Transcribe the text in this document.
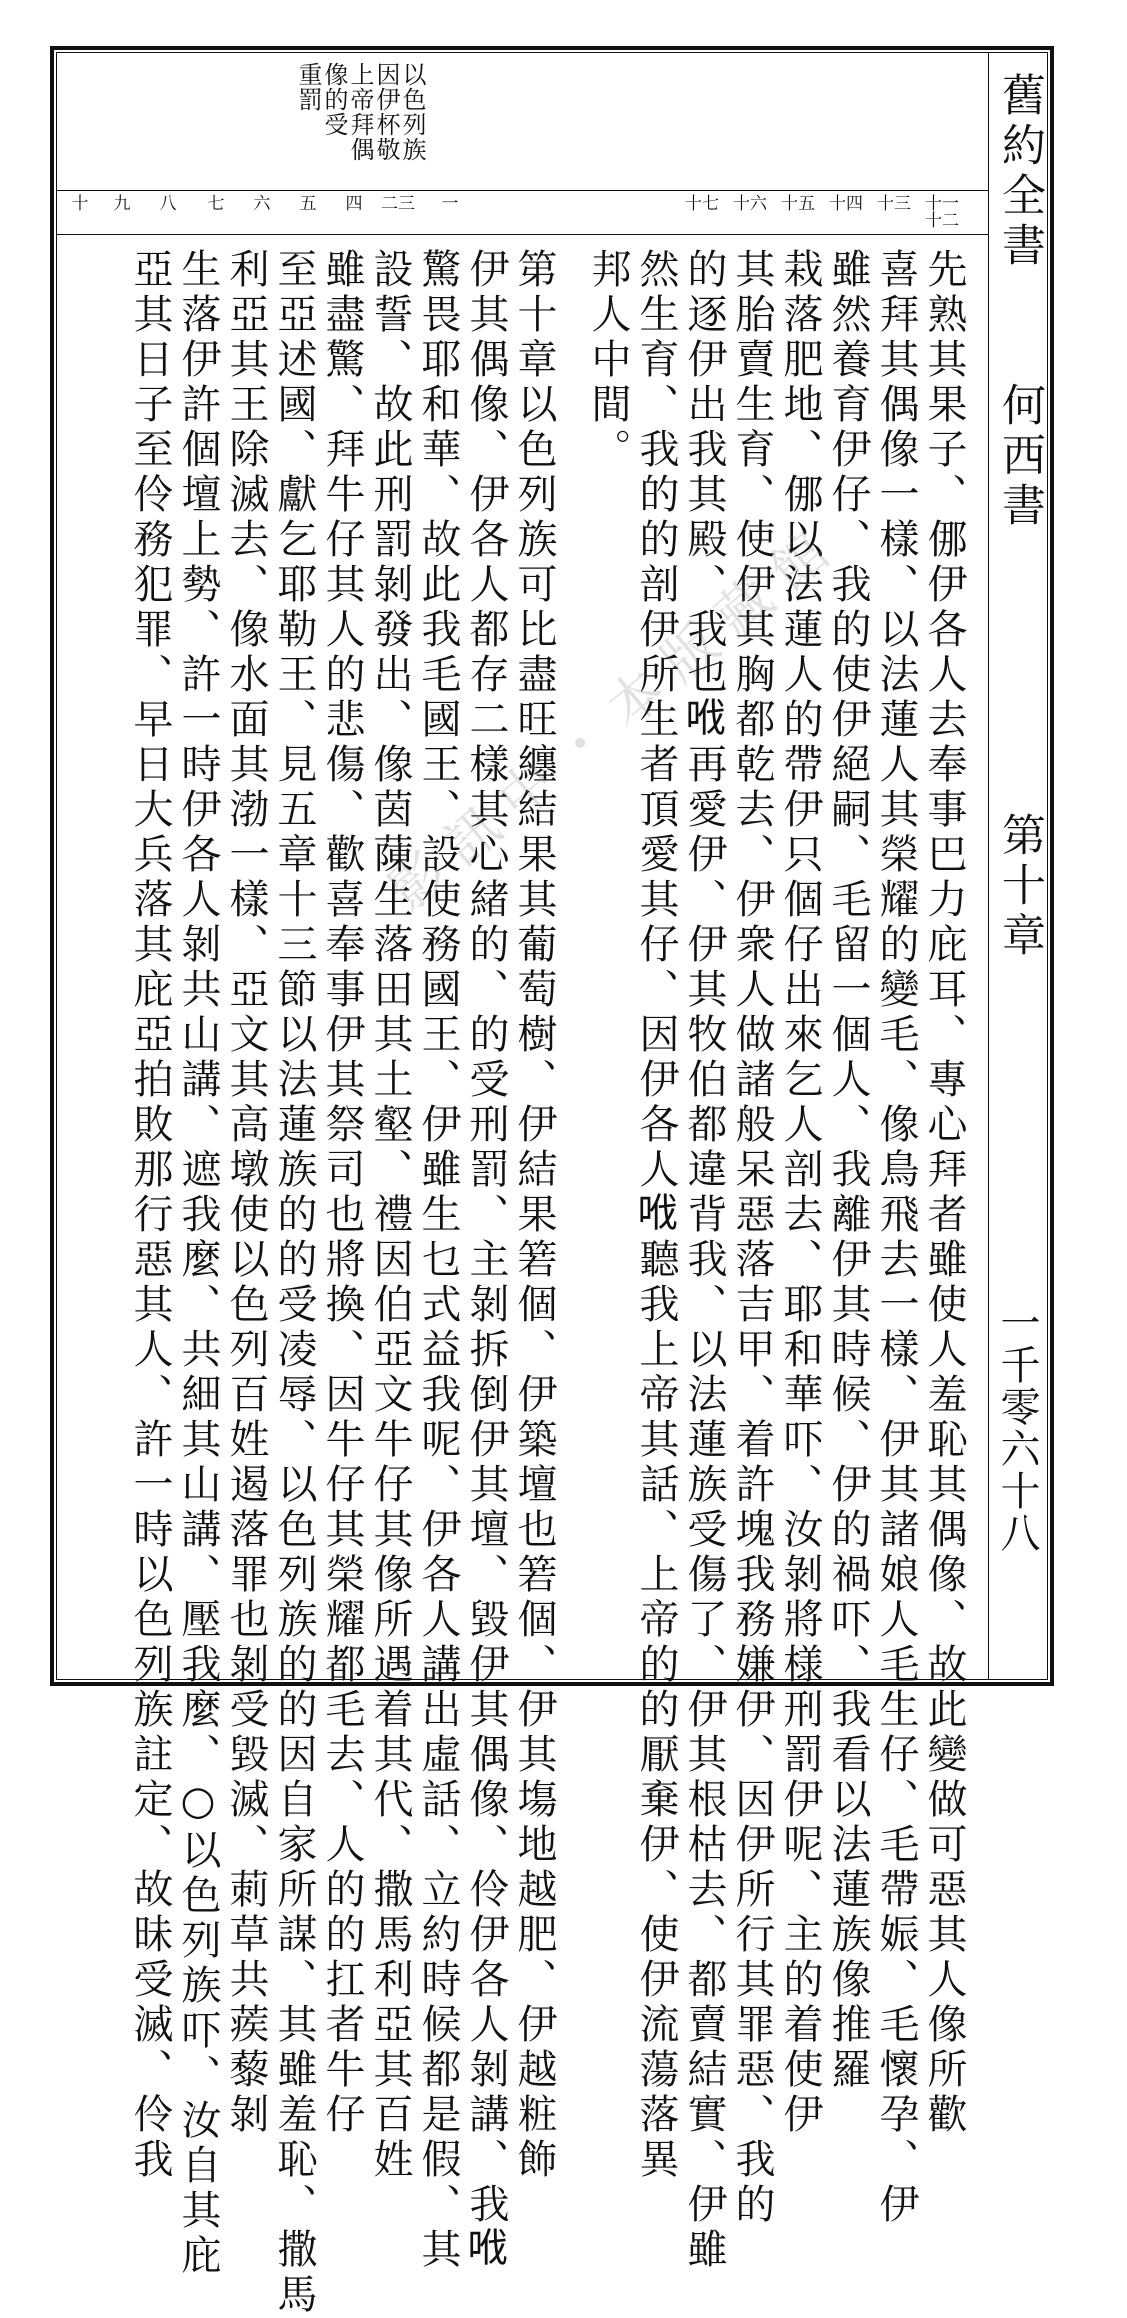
舊約全書
何西書
第十章
一千零六十八
以色列族
因伊杯敬
上帝拜偶
像的受
重罰
十一十二
十三
十四
十五
十六
十七
一
二三
四
五
六
七
八
九
十
先熟其果子、㑚伊各人去奉事巴力庇耳、專心拜者雖使人羞恥其偶像、故此變做可惡其人像所歡
喜拜其偶像一樣、以法蓮人其榮耀的變毛、像鳥飛去一樣、伊其諸娘人毛生仔、毛帶娠、毛懷孕、伊
雖然養育伊仔、我的使伊絕嗣、毛留一個人、我離伊其時候、伊的禍吓、我看以法蓮族像推羅
栽落肥地、㑚以法蓮人的帶伊只個仔出來乞人剖去、耶和華吓、汝剝將様刑罰伊呢、主的着使伊
其胎賣生育、使伊其胸都乾去、伊衆人做諸般呆惡落吉甲、着許塊我務嫌伊、因伊所行其罪惡、我的
的逐伊出我其殿、我也𠲎再愛伊、伊其牧伯都違背我、以法蓮族受傷了、伊其根枯去、都賣結實、伊雖
然生育、我的的剖伊所生者頂愛其仔、因伊各人𠲎聽我上帝其話、上帝的的厭棄伊、使伊流蕩落異
邦人中間。
第十章以色列族可比盡旺纏結果其葡萄樹、伊結果箬個、伊築壇也箬個、伊其塲地越肥、伊越粧飾
伊其偶像、伊各人都存二樣其心緒的、的受刑罰、主剝拆倒伊其壇、毀伊其偶像、伶伊各人剝講、我𠲎
驚畏耶和華、故此我毛國王、設使務國王、伊雖生乜式益我呢、伊各人講出虛話、立約時候都是假、其
設誓、故此刑罰剝發出、像茵蔯生落田其土壑、禮因伯亞文牛仔其像所遇着其代、撒馬利亞其百姓
雖盡驚、拜牛仔其人的悲傷、歡喜奉事伊其祭司也將換、因牛仔其榮耀都毛去、人的的扛者牛仔
至亞述國、獻乞耶勒王、見五章十三節以法蓮族的的受凌辱、以色列族的的因自家所謀、其雖羞恥、撒馬
利亞其王除滅去、像水面其渤一樣、亞文其高墩使以色列百姓遏落罪也剝受毀滅、莿草共蒺藜剝
生落伊許個壇上勢、許一時伊各人剝共山講、遮我麼、共細其山講、壓我麼、○以色列族吓、汝自其庇
亞其日子至伶務犯罪、早日大兵落其庇亞拍敗那行惡其人、許一時以色列族註定、故昧受滅、伶我	影 訊 中 ・ 本 版 藏 館
